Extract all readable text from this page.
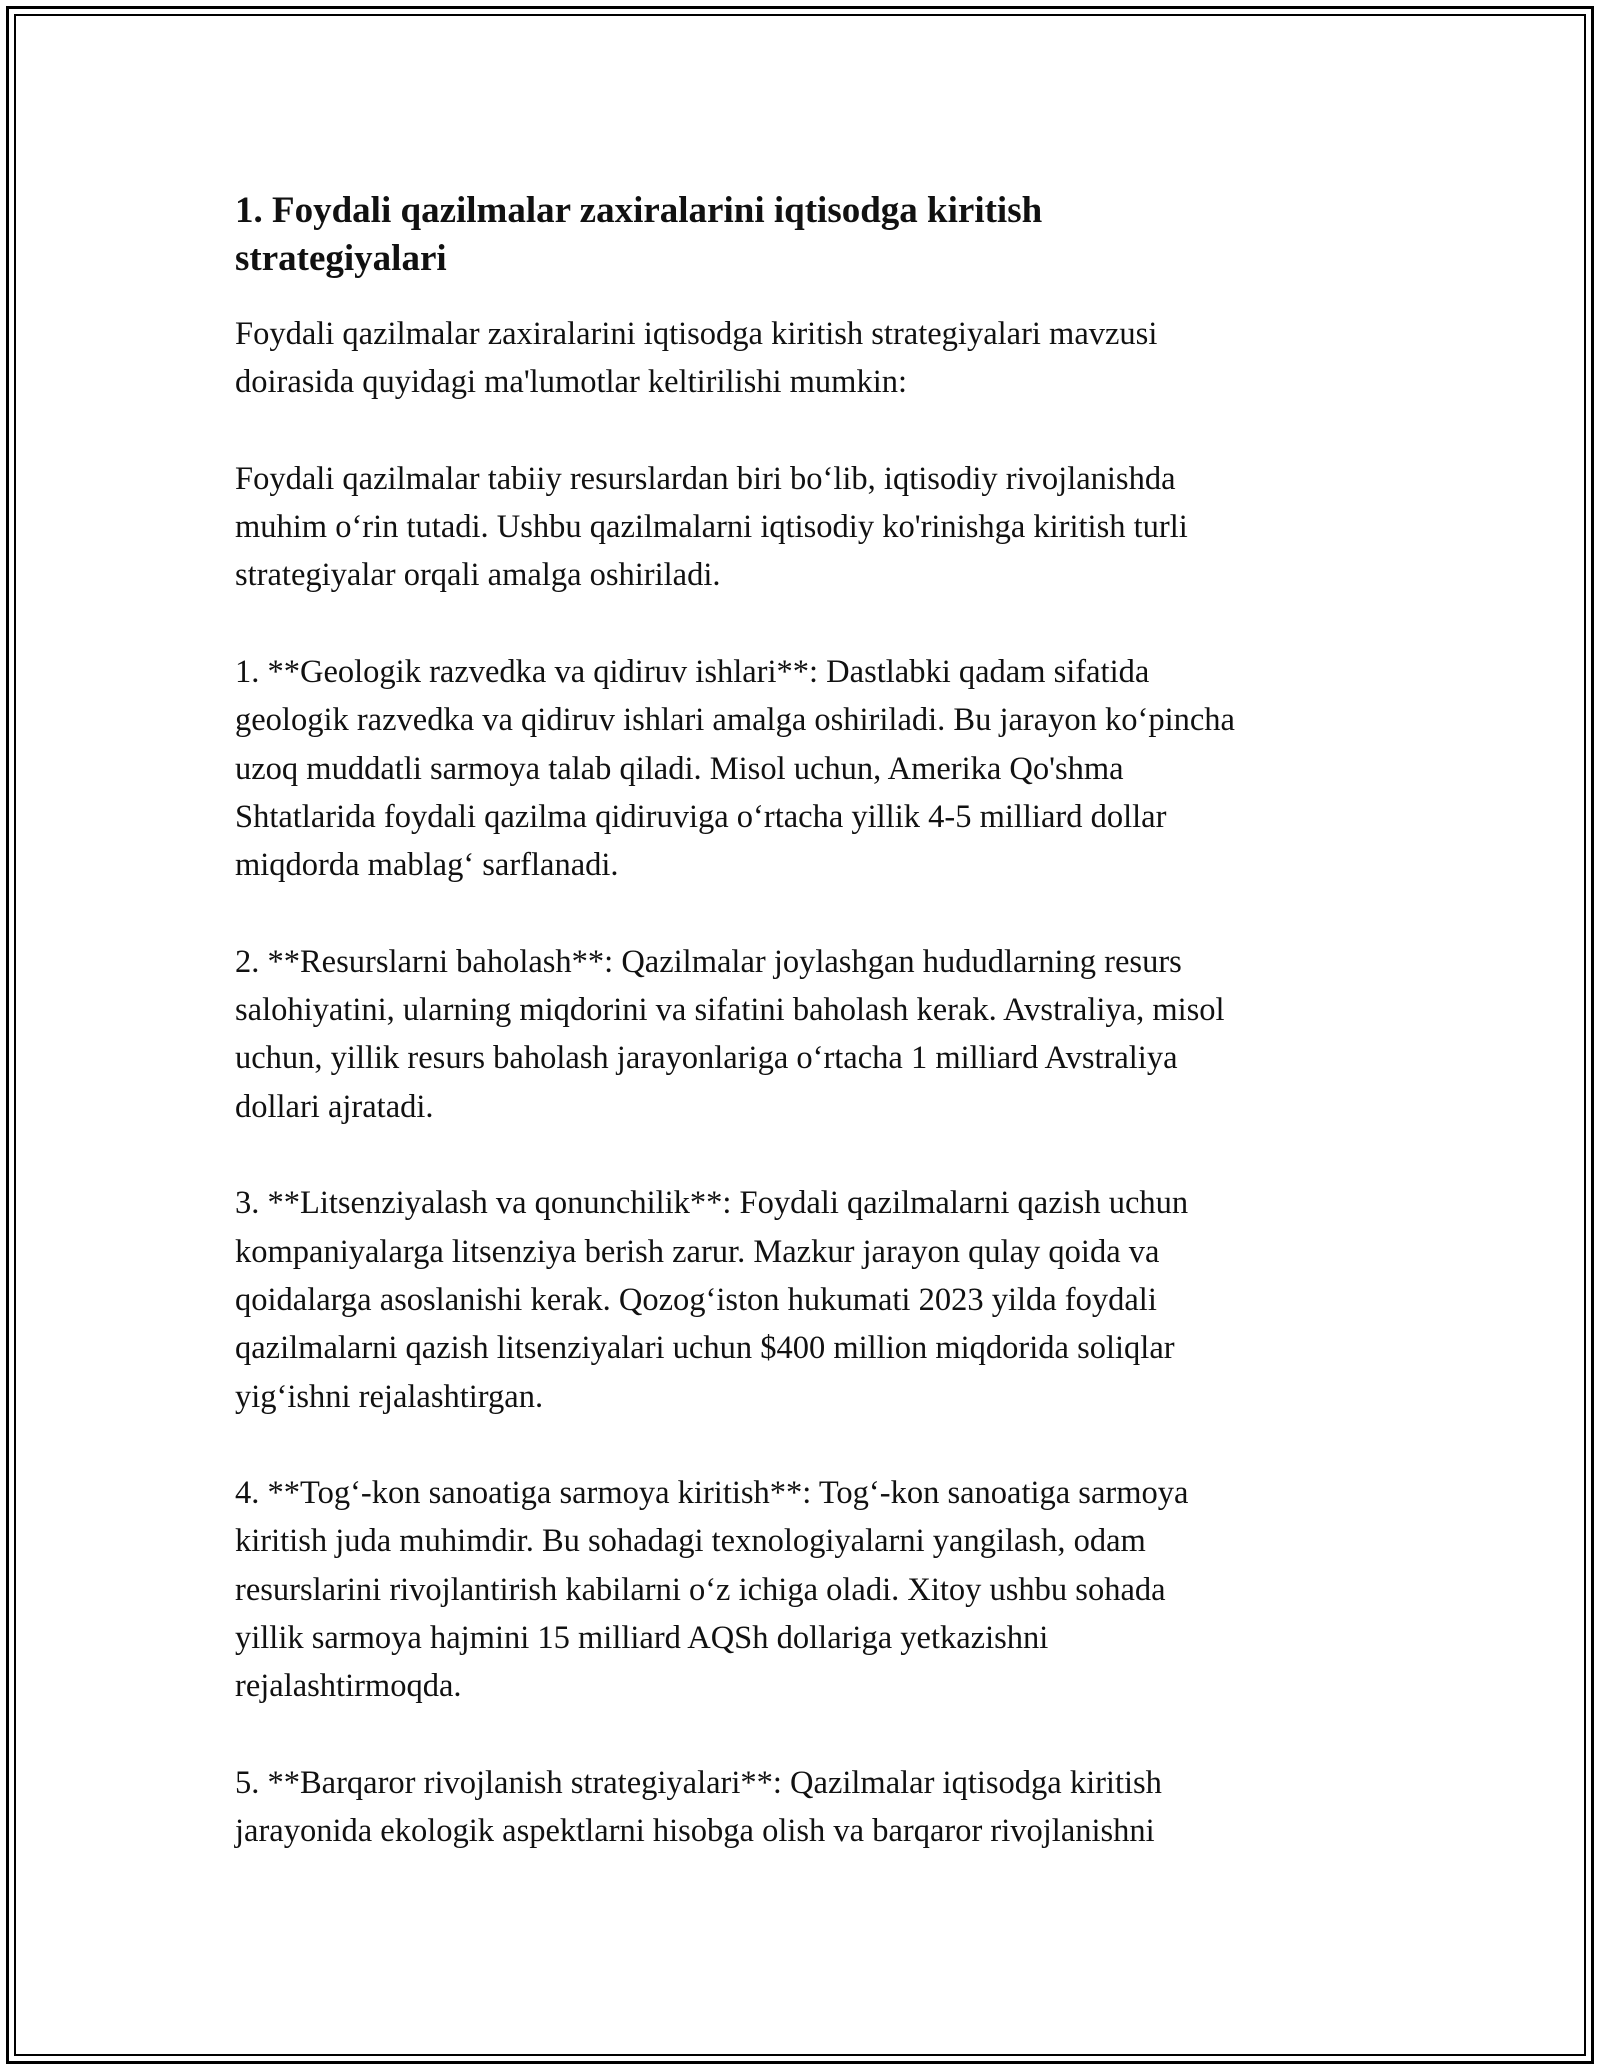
1. Foydali qazilmalar zaxiralarini iqtisodga kiritish
strategiyalari

Foydali qazilmalar zaxiralarini iqtisodga kiritish strategiyalari mavzusi
doirasida quyidagi ma'lumotlar keltirilishi mumkin:

Foydali qazilmalar tabiiy resurslardan biri bo‘lib, iqtisodiy rivojlanishda
muhim o‘rin tutadi. Ushbu qazilmalarni iqtisodiy ko'rinishga kiritish turli
strategiyalar orqali amalga oshiriladi.

1. **Geologik razvedka va qidiruv ishlari**: Dastlabki qadam sifatida
geologik razvedka va qidiruv ishlari amalga oshiriladi. Bu jarayon ko‘pincha
uzoq muddatli sarmoya talab qiladi. Misol uchun, Amerika Qo'shma
Shtatlarida foydali qazilma qidiruviga o‘rtacha yillik 4-5 milliard dollar
miqdorda mablag‘ sarflanadi.

2. **Resurslarni baholash**: Qazilmalar joylashgan hududlarning resurs
salohiyatini, ularning miqdorini va sifatini baholash kerak. Avstraliya, misol
uchun, yillik resurs baholash jarayonlariga o‘rtacha 1 milliard Avstraliya
dollari ajratadi.

3. **Litsenziyalash va qonunchilik**: Foydali qazilmalarni qazish uchun
kompaniyalarga litsenziya berish zarur. Mazkur jarayon qulay qoida va
qoidalarga asoslanishi kerak. Qozog‘iston hukumati 2023 yilda foydali
qazilmalarni qazish litsenziyalari uchun $400 million miqdorida soliqlar
yig‘ishni rejalashtirgan.

4. **Tog‘-kon sanoatiga sarmoya kiritish**: Tog‘-kon sanoatiga sarmoya
kiritish juda muhimdir. Bu sohadagi texnologiyalarni yangilash, odam
resurslarini rivojlantirish kabilarni o‘z ichiga oladi. Xitoy ushbu sohada
yillik sarmoya hajmini 15 milliard AQSh dollariga yetkazishni
rejalashtirmoqda.

5. **Barqaror rivojlanish strategiyalari**: Qazilmalar iqtisodga kiritish
jarayonida ekologik aspektlarni hisobga olish va barqaror rivojlanishni
